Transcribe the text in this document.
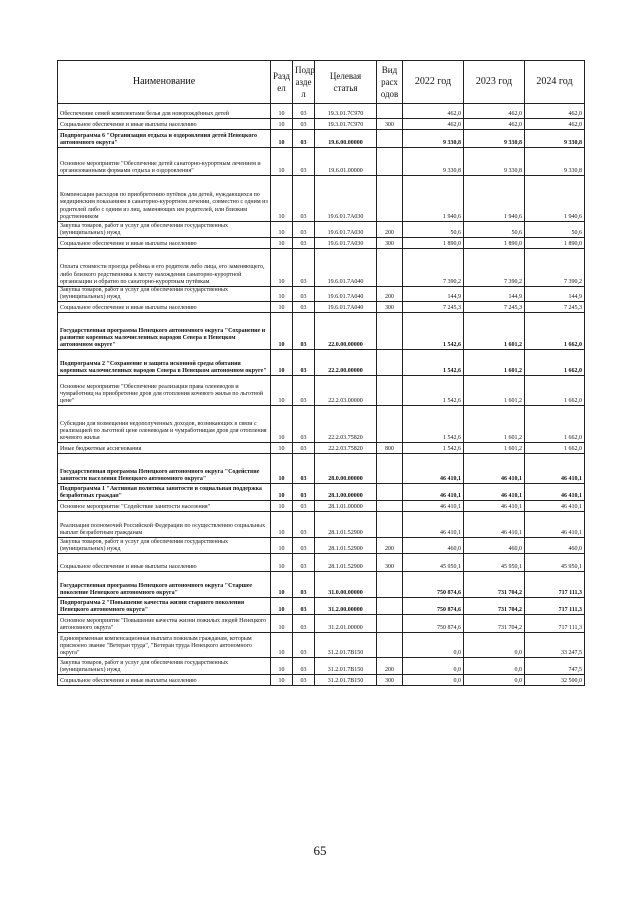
Наименование	Разд ел	Подр азде л	Целевая статья	Вид расх одов	2022 год	2023 год	2024 год
Обеспечение семей комплектами белья для новорождённых детей	10	03	19.3.01.7С970		462,0	462,0	462,0
Социальное обеспечение и иные выплаты населению	10	03	19.3.01.7С970	300	462,0	462,0	462,0
Подпрограмма 6 "Организация отдыха и оздоровления детей Ненецкого автономного округа"	10	03	19.6.00.00000		9 330,8	9 330,8	9 330,8
Основное мероприятие "Обеспечение детей санаторно-курортным лечением и организованными формами отдыха и оздоровления"	10	03	19.6.01.00000		9 330,8	9 330,8	9 330,8
Компенсация расходов по приобретению путёвок для детей, нуждающихся по медицинским показаниям в санаторно-курортном лечении, совместно с одним из родителей либо с одним из лиц, заменяющих им родителей, или близким родственником	10	03	19.6.01.7А030		1 940,6	1 940,6	1 940,6
Закупка товаров, работ и услуг для обеспечения государственных (муниципальных) нужд	10	03	19.6.01.7А030	200	50,6	50,6	50,6
Социальное обеспечение и иные выплаты населению	10	03	19.6.01.7А030	300	1 890,0	1 890,0	1 890,0
Оплата стоимости проезда ребёнка и его родителя либо лица, его заменяющего, либо близкого родственника к месту нахождения санаторно-курортной организации и обратно по санаторно-курортным путёвкам	10	03	19.6.01.7А040		7 390,2	7 390,2	7 390,2
Закупка товаров, работ и услуг для обеспечения государственных (муниципальных) нужд	10	03	19.6.01.7А040	200	144,9	144,9	144,9
Социальное обеспечение и иные выплаты населению	10	03	19.6.01.7А040	300	7 245,3	7 245,3	7 245,3
Государственная программа Ненецкого автономного округа "Сохранение и развитие коренных малочисленных народов Севера в Ненецком автономном округе"	10	03	22.0.00.00000		1 542,6	1 601,2	1 662,0
Подпрограмма 2 "Сохранение и защита исконной среды обитания коренных малочисленных народов Севера в Ненецком автономном округе"	10	03	22.2.00.00000		1 542,6	1 601,2	1 662,0
Основное мероприятие "Обеспечение реализации права оленеводов и чумработниц на приобретение дров для отопления кочевого жилья по льготной цене"	10	03	22.2.03.00000		1 542,6	1 601,2	1 662,0
Субсидии для возмещения недополученных доходов, возникающих в связи с реализацией по льготной цене оленеводам и чумработницам дров для отопления кочевого жилья	10	03	22.2.03.75820		1 542,6	1 601,2	1 662,0
Иные бюджетные ассигнования	10	03	22.2.03.75820	800	1 542,6	1 601,2	1 662,0
Государственная программа Ненецкого автономного округа "Содействие занятости населения Ненецкого автономного округа"	10	03	28.0.00.00000		46 410,1	46 410,1	46 410,1
Подпрограмма 1 "Активная политика занятости и социальная поддержка безработных граждан"	10	03	28.1.00.00000		46 410,1	46 410,1	46 410,1
Основное мероприятие "Содействие занятости населения"	10	03	28.1.01.00000		46 410,1	46 410,1	46 410,1
Реализация полномочий Российской Федерации по осуществлению социальных выплат безработным гражданам	10	03	28.1.01.52900		46 410,1	46 410,1	46 410,1
Закупка товаров, работ и услуг для обеспечения государственных (муниципальных) нужд	10	03	28.1.01.52900	200	460,0	460,0	460,0
Социальное обеспечение и иные выплаты населению	10	03	28.1.01.52900	300	45 950,1	45 950,1	45 950,1
Государственная программа Ненецкого автономного округа "Старшее поколение Ненецкого автономного округа"	10	03	31.0.00.00000		750 874,6	731 704,2	717 111,3
Подпрограмма 2 "Повышение качества жизни старшего поколения Ненецкого автономного округа"	10	03	31.2.00.00000		750 874,6	731 704,2	717 111,3
Основное мероприятие "Повышение качества жизни пожилых людей Ненецкого автономного округа"	10	03	31.2.01.00000		750 874,6	731 704,2	717 111,3
Единовременная компенсационная выплата пожилым гражданам, которым присвоено звание "Ветеран труда", "Ветеран труда Ненецкого автономного округа"	10	03	31.2.01.7В150		0,0	0,0	33 247,5
Закупка товаров, работ и услуг для обеспечения государственных (муниципальных) нужд	10	03	31.2.01.7В150	200	0,0	0,0	747,5
Социальное обеспечение и иные выплаты населению	10	03	31.2.01.7В150	300	0,0	0,0	32 500,0
65
